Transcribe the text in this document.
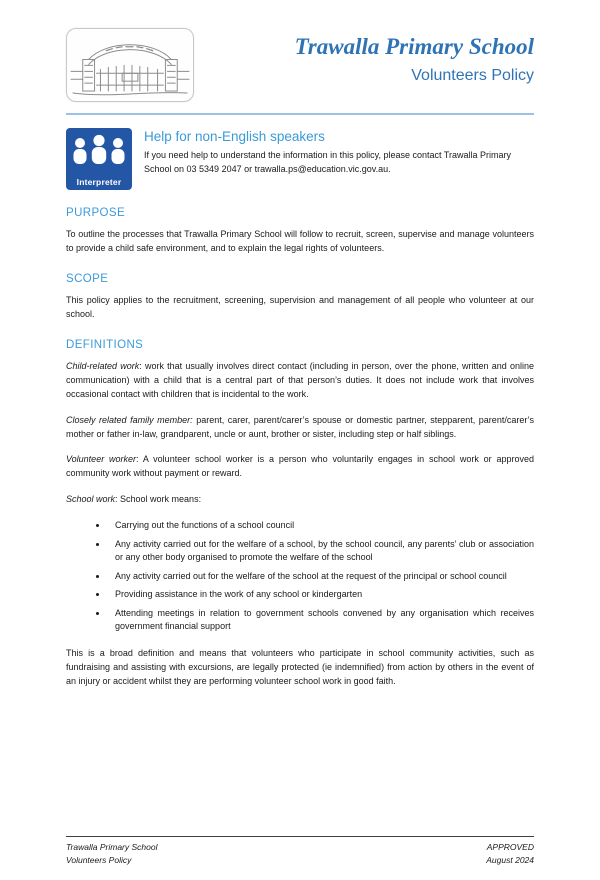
Trawalla Primary School
Volunteers Policy
Interpreter
Help for non-English speakers
If you need help to understand the information in this policy, please contact Trawalla Primary School on 03 5349 2047 or trawalla.ps@education.vic.gov.au.
PURPOSE

To outline the processes that Trawalla Primary School will follow to recruit, screen, supervise and manage volunteers to provide a child safe environment, and to explain the legal rights of volunteers.

SCOPE

This policy applies to the recruitment, screening, supervision and management of all people who volunteer at our school.

DEFINITIONS

Child-related work: work that usually involves direct contact (including in person, over the phone, written and online communication) with a child that is a central part of that person’s duties. It does not include work that involves occasional contact with children that is incidental to the work.

Closely related family member: parent, carer, parent/carer’s spouse or domestic partner, stepparent, parent/carer’s mother or father in-law, grandparent, uncle or aunt, brother or sister, including step or half siblings.

Volunteer worker: A volunteer school worker is a person who voluntarily engages in school work or approved community work without payment or reward.

School work: School work means:

• Carrying out the functions of a school council
• Any activity carried out for the welfare of a school, by the school council, any parents’ club or association or any other body organised to promote the welfare of the school
• Any activity carried out for the welfare of the school at the request of the principal or school council
• Providing assistance in the work of any school or kindergarten
• Attending meetings in relation to government schools convened by any organisation which receives government financial support

This is a broad definition and means that volunteers who participate in school community activities, such as fundraising and assisting with excursions, are legally protected (ie indemnified) from action by others in the event of an injury or accident whilst they are performing volunteer school work in good faith.

Trawalla Primary School	APPROVED
Volunteers Policy	August 2024
